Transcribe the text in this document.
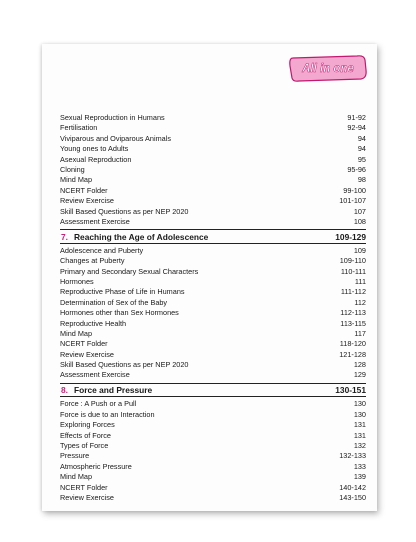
All in one
Sexual Reproduction in Humans	91-92
Fertilisation	92-94
Viviparous and Oviparous Animals	94
Young ones to Adults	94
Asexual Reproduction	95
Cloning	95-96
Mind Map	98
NCERT Folder	99-100
Review Exercise	101-107
Skill Based Questions as per NEP 2020	107
Assessment Exercise	108
7. Reaching the Age of Adolescence	109-129
Adolescence and Puberty	109
Changes at Puberty	109-110
Primary and Secondary Sexual Characters	110-111
Hormones	111
Reproductive Phase of Life in Humans	111-112
Determination of Sex of the Baby	112
Hormones other than Sex Hormones	112-113
Reproductive Health	113-115
Mind Map	117
NCERT Folder	118-120
Review Exercise	121-128
Skill Based Questions as per NEP 2020	128
Assessment Exercise	129
8. Force and Pressure	130-151
Force : A Push or a Pull	130
Force is due to an Interaction	130
Exploring Forces	131
Effects of Force	131
Types of Force	132
Pressure	132-133
Atmospheric Pressure	133
Mind Map	139
NCERT Folder	140-142
Review Exercise	143-150
